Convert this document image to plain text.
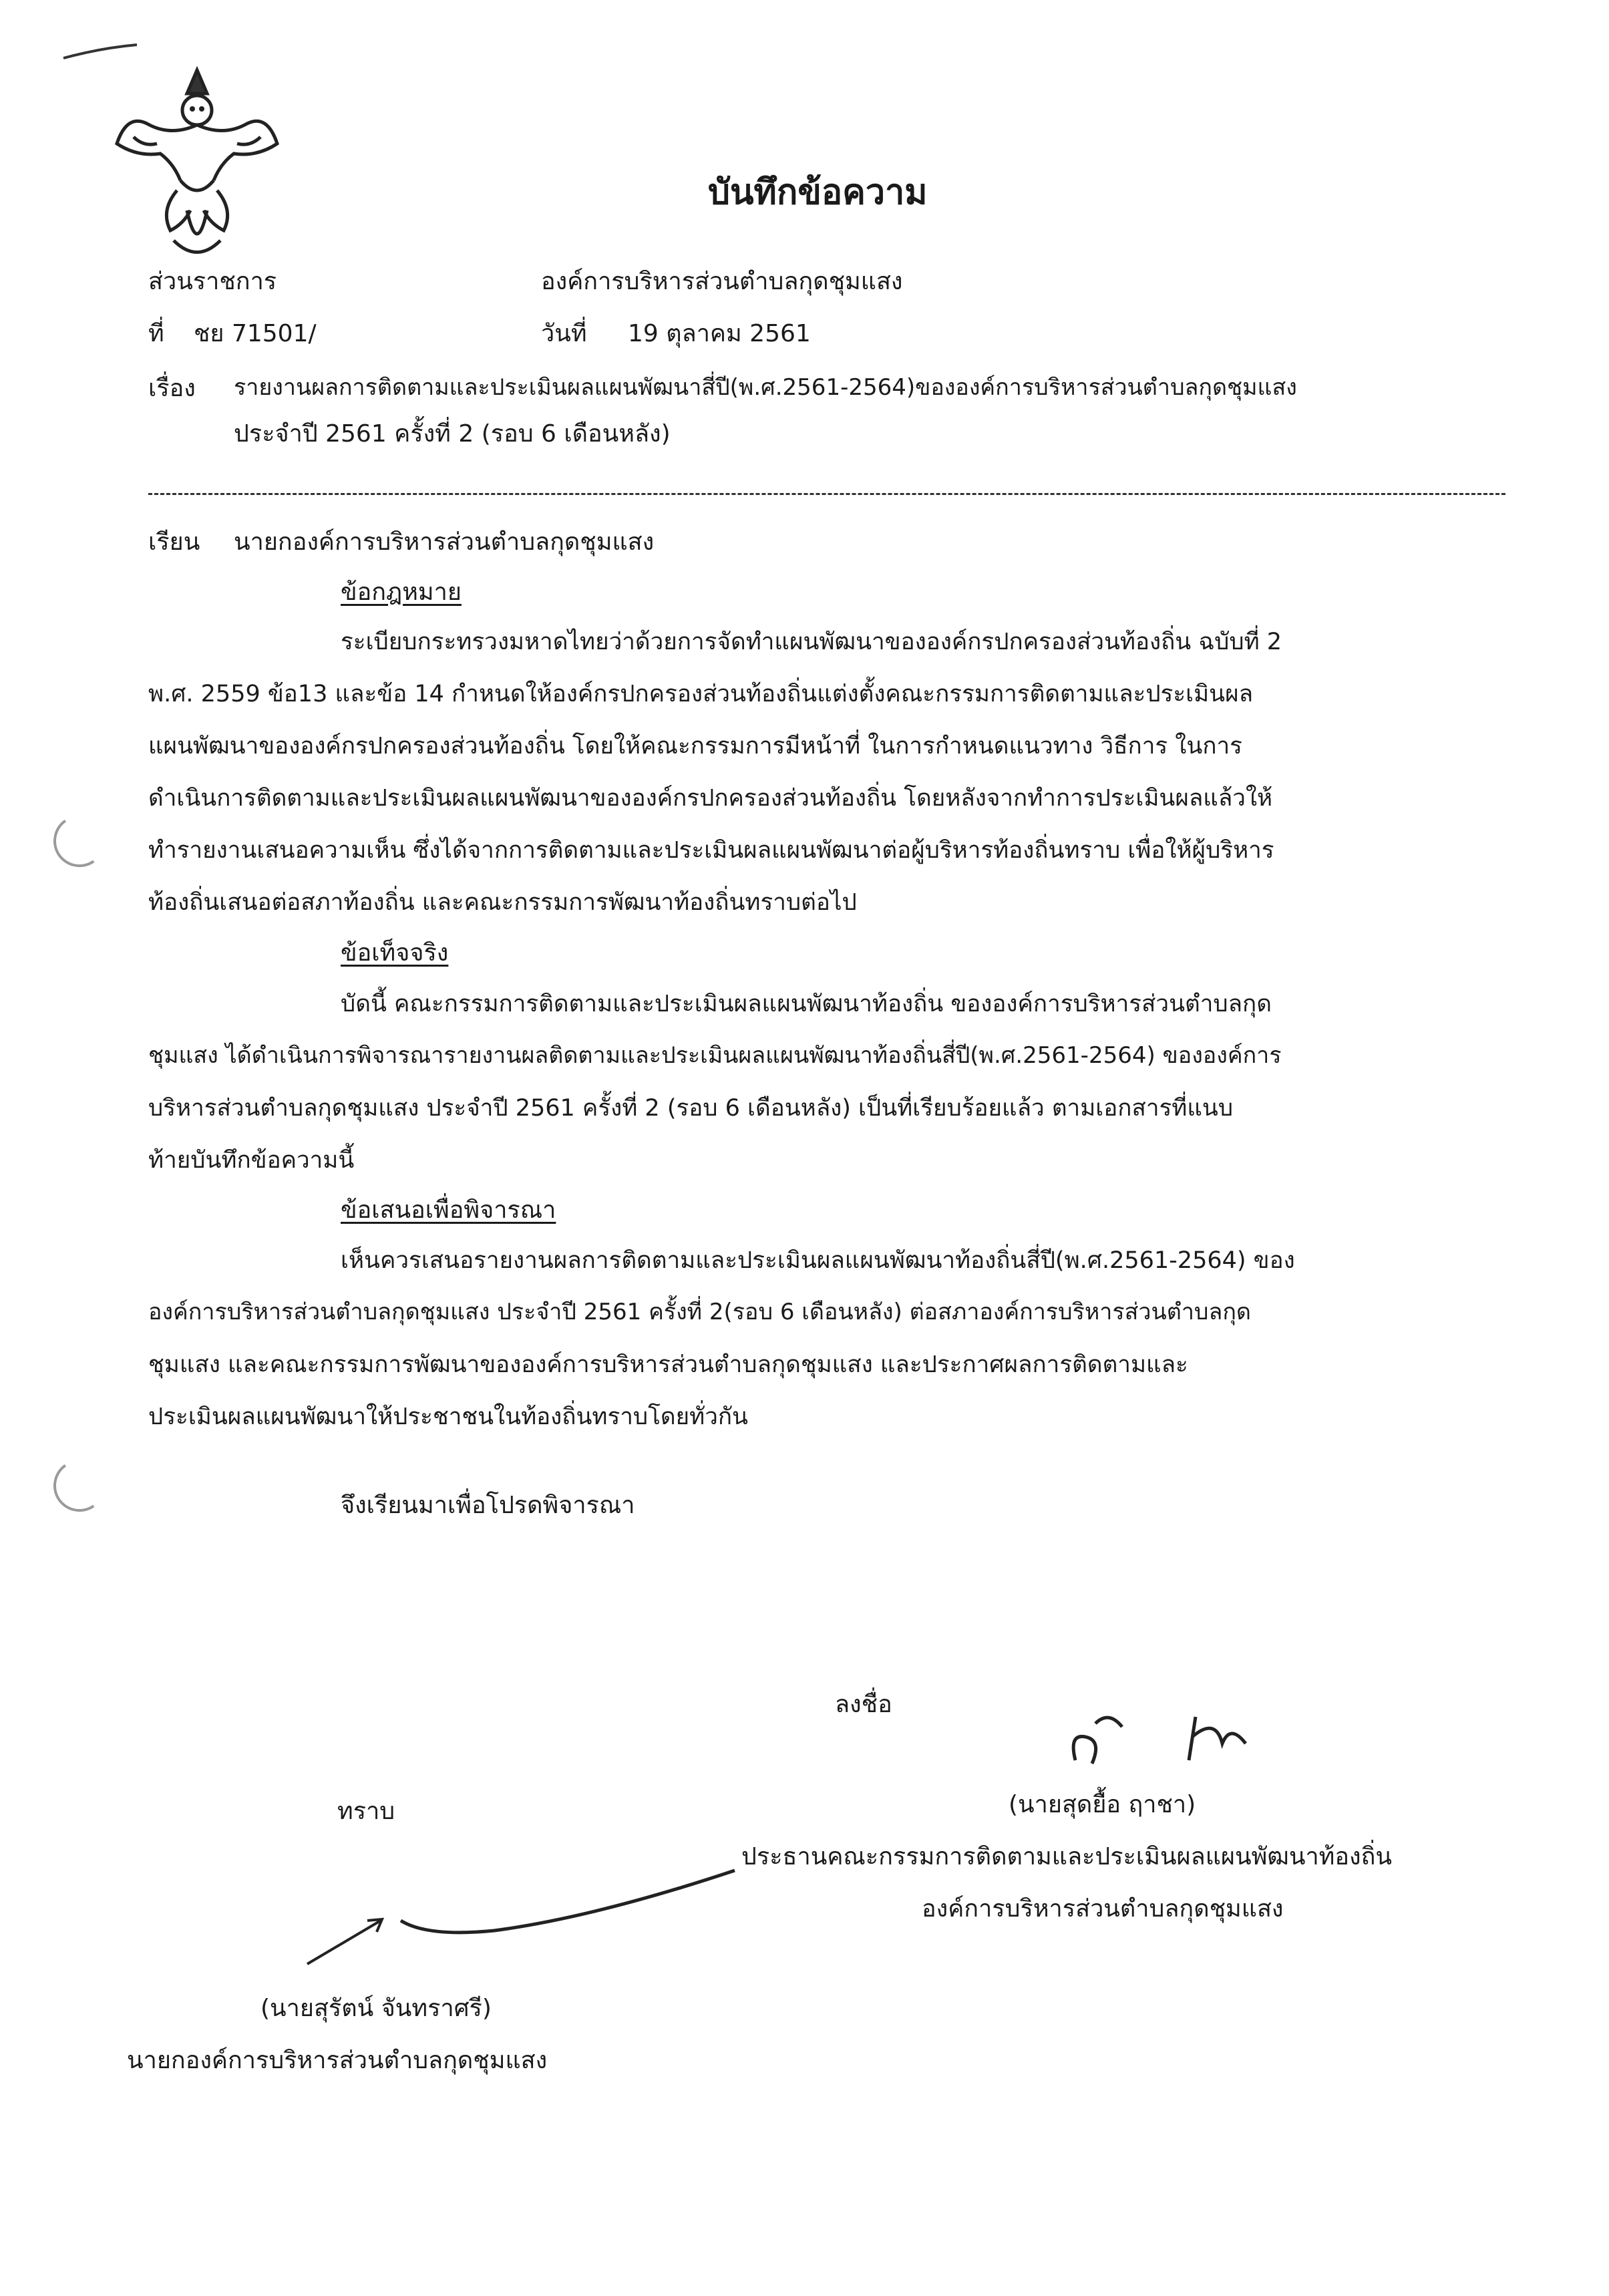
บันทึกข้อความ
ส่วนราชการ	องค์การบริหารส่วนตำบลกุดชุมแสง
ที่ ชย 71501/	วันที่ 19 ตุลาคม 2561
เรื่อง รายงานผลการติดตามและประเมินผลแผนพัฒนาสี่ปี(พ.ศ.2561-2564)ขององค์การบริหารส่วนตำบลกุดชุมแสง
ประจำปี 2561 ครั้งที่ 2 (รอบ 6 เดือนหลัง)
เรียน นายกองค์การบริหารส่วนตำบลกุดชุมแสง
ข้อกฎหมาย
ระเบียบกระทรวงมหาดไทยว่าด้วยการจัดทำแผนพัฒนาขององค์กรปกครองส่วนท้องถิ่น ฉบับที่ 2
พ.ศ. 2559 ข้อ13 และข้อ 14 กำหนดให้องค์กรปกครองส่วนท้องถิ่นแต่งตั้งคณะกรรมการติดตามและประเมินผล
แผนพัฒนาขององค์กรปกครองส่วนท้องถิ่น โดยให้คณะกรรมการมีหน้าที่ ในการกำหนดแนวทาง วิธีการ ในการ
ดำเนินการติดตามและประเมินผลแผนพัฒนาขององค์กรปกครองส่วนท้องถิ่น โดยหลังจากทำการประเมินผลแล้วให้
ทำรายงานเสนอความเห็น ซึ่งได้จากการติดตามและประเมินผลแผนพัฒนาต่อผู้บริหารท้องถิ่นทราบ เพื่อให้ผู้บริหาร
ท้องถิ่นเสนอต่อสภาท้องถิ่น และคณะกรรมการพัฒนาท้องถิ่นทราบต่อไป
ข้อเท็จจริง
บัดนี้ คณะกรรมการติดตามและประเมินผลแผนพัฒนาท้องถิ่น ขององค์การบริหารส่วนตำบลกุด
ชุมแสง ได้ดำเนินการพิจารณารายงานผลติดตามและประเมินผลแผนพัฒนาท้องถิ่นสี่ปี(พ.ศ.2561-2564) ขององค์การ
บริหารส่วนตำบลกุดชุมแสง ประจำปี 2561 ครั้งที่ 2 (รอบ 6 เดือนหลัง) เป็นที่เรียบร้อยแล้ว ตามเอกสารที่แนบ
ท้ายบันทึกข้อความนี้
ข้อเสนอเพื่อพิจารณา
เห็นควรเสนอรายงานผลการติดตามและประเมินผลแผนพัฒนาท้องถิ่นสี่ปี(พ.ศ.2561-2564) ของ
องค์การบริหารส่วนตำบลกุดชุมแสง ประจำปี 2561 ครั้งที่ 2(รอบ 6 เดือนหลัง) ต่อสภาองค์การบริหารส่วนตำบลกุด
ชุมแสง และคณะกรรมการพัฒนาขององค์การบริหารส่วนตำบลกุดชุมแสง และประกาศผลการติดตามและ
ประเมินผลแผนพัฒนาให้ประชาชนในท้องถิ่นทราบโดยทั่วกัน
จึงเรียนมาเพื่อโปรดพิจารณา
ลงชื่อ
(นายสุดยื้อ ฤาชา)
ประธานคณะกรรมการติดตามและประเมินผลแผนพัฒนาท้องถิ่น
องค์การบริหารส่วนตำบลกุดชุมแสง
ทราบ
(นายสุรัตน์ จันทราศรี)
นายกองค์การบริหารส่วนตำบลกุดชุมแสง
